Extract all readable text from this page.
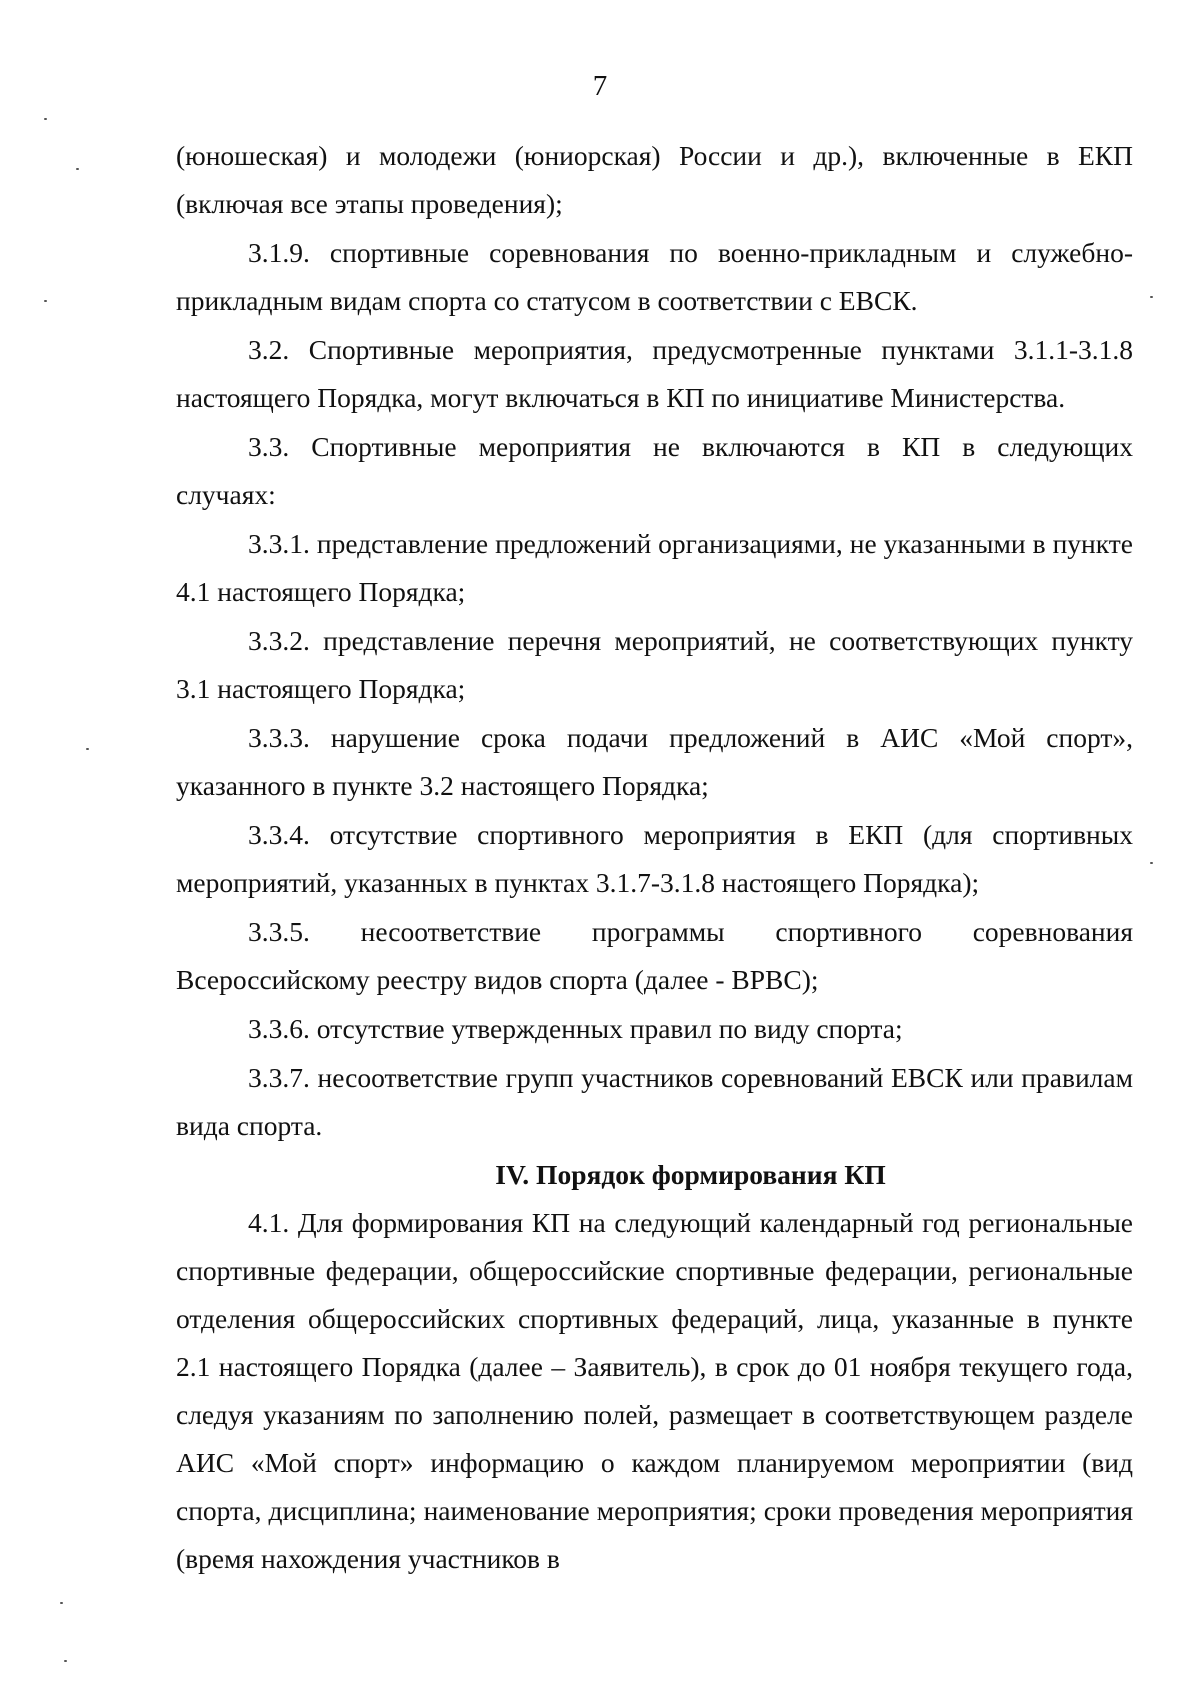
7

(юношеская) и молодежи (юниорская) России и др.), включенные в ЕКП (включая все этапы проведения);

3.1.9. спортивные соревнования по военно-прикладным и служебно-прикладным видам спорта со статусом в соответствии с ЕВСК.

3.2. Спортивные мероприятия, предусмотренные пунктами 3.1.1-3.1.8 настоящего Порядка, могут включаться в КП по инициативе Министерства.

3.3. Спортивные мероприятия не включаются в КП в следующих случаях:

3.3.1. представление предложений организациями, не указанными в пункте 4.1 настоящего Порядка;

3.3.2. представление перечня мероприятий, не соответствующих пункту 3.1 настоящего Порядка;

3.3.3. нарушение срока подачи предложений в АИС «Мой спорт», указанного в пункте 3.2 настоящего Порядка;

3.3.4. отсутствие спортивного мероприятия в ЕКП (для спортивных мероприятий, указанных в пунктах 3.1.7-3.1.8 настоящего Порядка);

3.3.5. несоответствие программы спортивного соревнования Всероссийскому реестру видов спорта (далее - ВРВС);

3.3.6. отсутствие утвержденных правил по виду спорта;

3.3.7. несоответствие групп участников соревнований ЕВСК или правилам вида спорта.

IV. Порядок формирования КП

4.1. Для формирования КП на следующий календарный год региональные спортивные федерации, общероссийские спортивные федерации, региональные отделения общероссийских спортивных федераций, лица, указанные в пункте 2.1 настоящего Порядка (далее – Заявитель), в срок до 01 ноября текущего года, следуя указаниям по заполнению полей, размещает в соответствующем разделе АИС «Мой спорт» информацию о каждом планируемом мероприятии (вид спорта, дисциплина; наименование мероприятия; сроки проведения мероприятия (время нахождения участников в
